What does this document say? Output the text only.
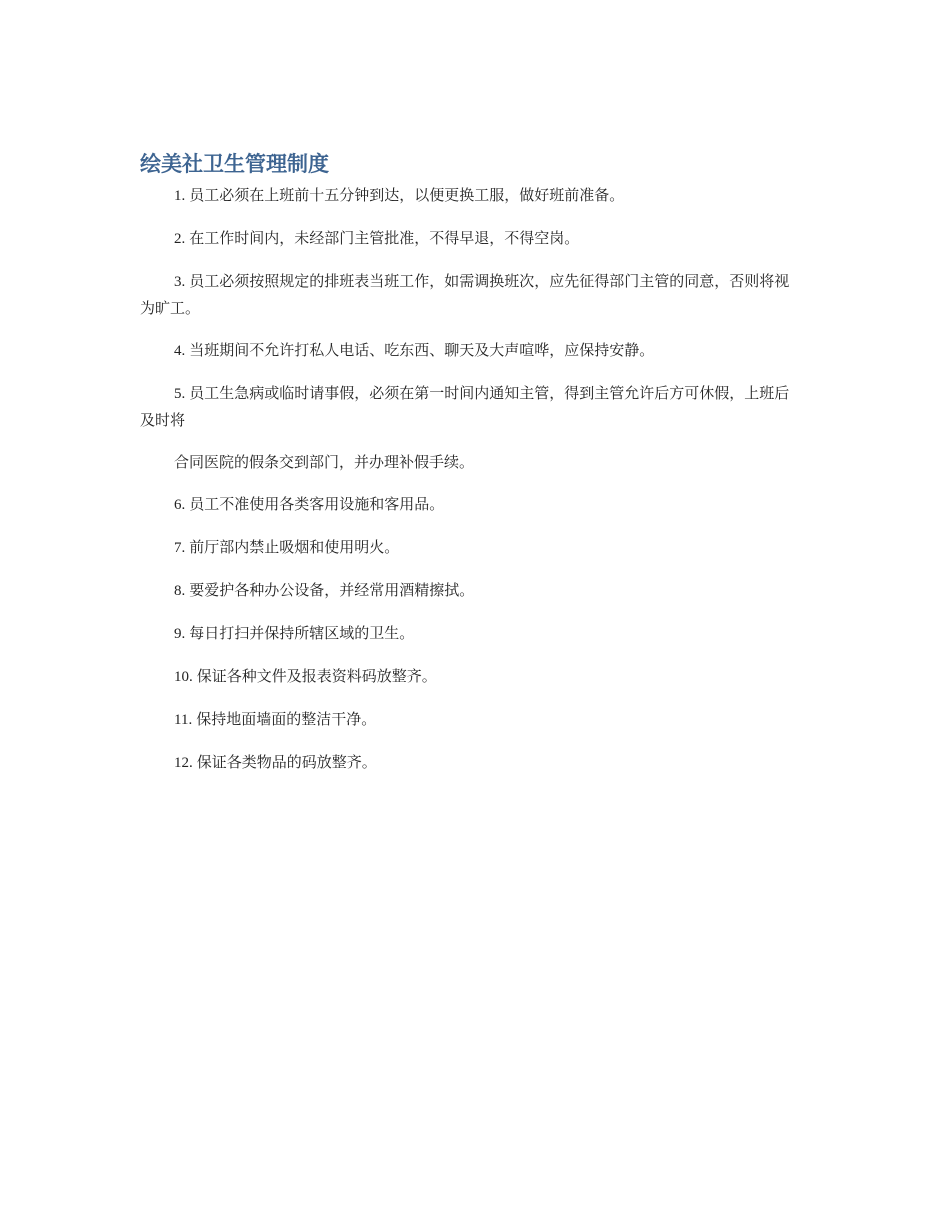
绘美社卫生管理制度

1. 员工必须在上班前十五分钟到达，以便更换工服，做好班前准备。

2. 在工作时间内，未经部门主管批准，不得早退，不得空岗。

3. 员工必须按照规定的排班表当班工作，如需调换班次，应先征得部门主管的同意，否则将视为旷工。

4. 当班期间不允许打私人电话、吃东西、聊天及大声喧哗，应保持安静。

5. 员工生急病或临时请事假，必须在第一时间内通知主管，得到主管允许后方可休假，上班后及时将

合同医院的假条交到部门，并办理补假手续。

6. 员工不准使用各类客用设施和客用品。

7. 前厅部内禁止吸烟和使用明火。

8. 要爱护各种办公设备，并经常用酒精擦拭。

9. 每日打扫并保持所辖区域的卫生。

10. 保证各种文件及报表资料码放整齐。

11. 保持地面墙面的整洁干净。

12. 保证各类物品的码放整齐。
